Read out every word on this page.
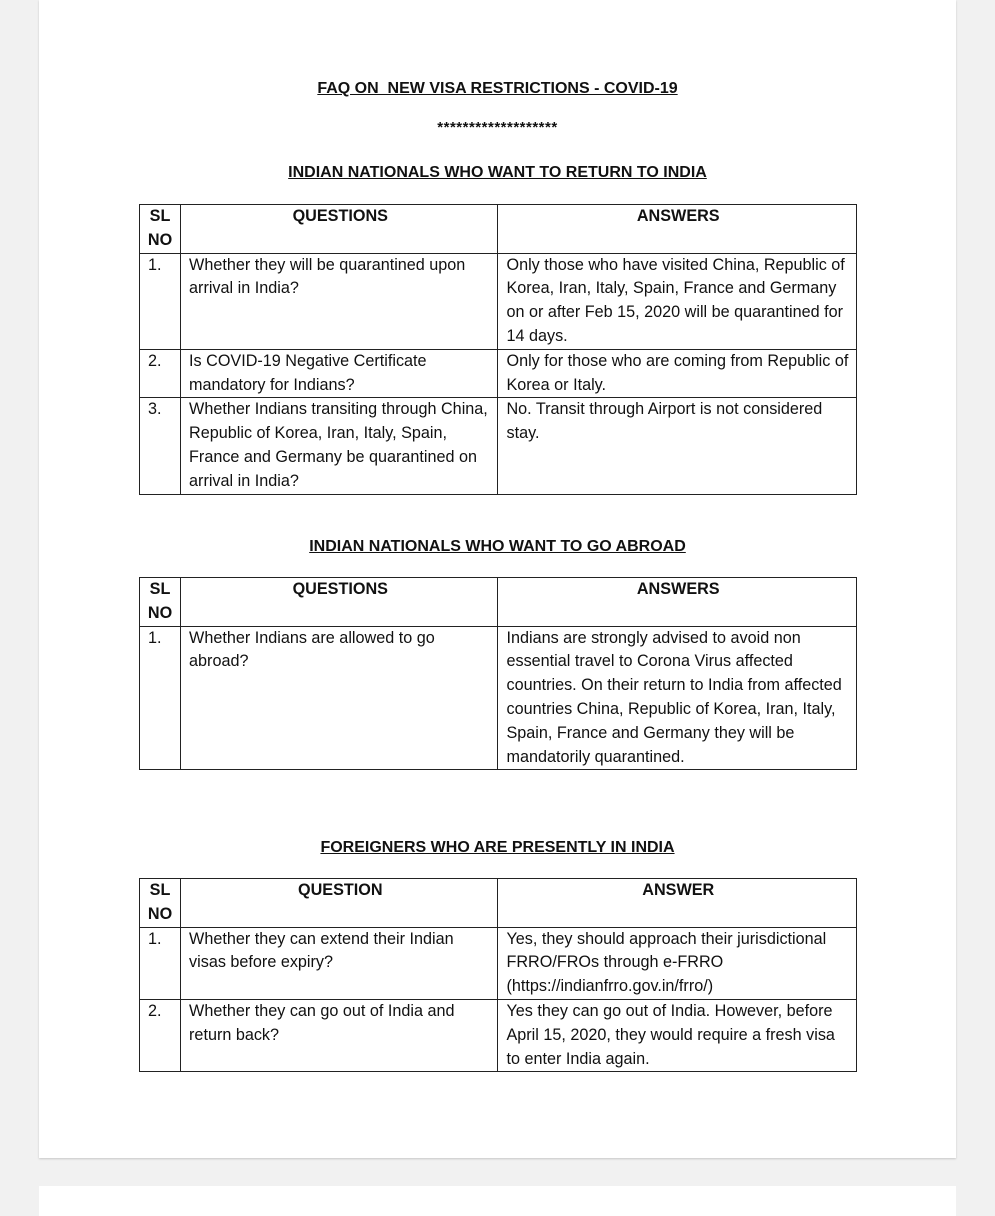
FAQ ON  NEW VISA RESTRICTIONS - COVID-19
*******************
INDIAN NATIONALS WHO WANT TO RETURN TO INDIA
SL NO	QUESTIONS	ANSWERS
1.	Whether they will be quarantined upon arrival in India?	Only those who have visited China, Republic of Korea, Iran, Italy, Spain, France and Germany on or after Feb 15, 2020 will be quarantined for 14 days.
2.	Is COVID-19 Negative Certificate mandatory for Indians?	Only for those who are coming from Republic of Korea or Italy.
3.	Whether Indians transiting through China, Republic of Korea, Iran, Italy, Spain, France and Germany be quarantined on arrival in India?	No. Transit through Airport is not considered stay.
INDIAN NATIONALS WHO WANT TO GO ABROAD
SL NO	QUESTIONS	ANSWERS
1.	Whether Indians are allowed to go abroad?	Indians are strongly advised to avoid non essential travel to Corona Virus affected countries. On their return to India from affected countries China, Republic of Korea, Iran, Italy, Spain, France and Germany they will be mandatorily quarantined.
FOREIGNERS WHO ARE PRESENTLY IN INDIA
SL NO	QUESTION	ANSWER
1.	Whether they can extend their Indian visas before expiry?	Yes, they should approach their jurisdictional FRRO/FROs through e-FRRO (https://indianfrro.gov.in/frro/)
2.	Whether they can go out of India and return back?	Yes they can go out of India. However, before April 15, 2020, they would require a fresh visa to enter India again.
